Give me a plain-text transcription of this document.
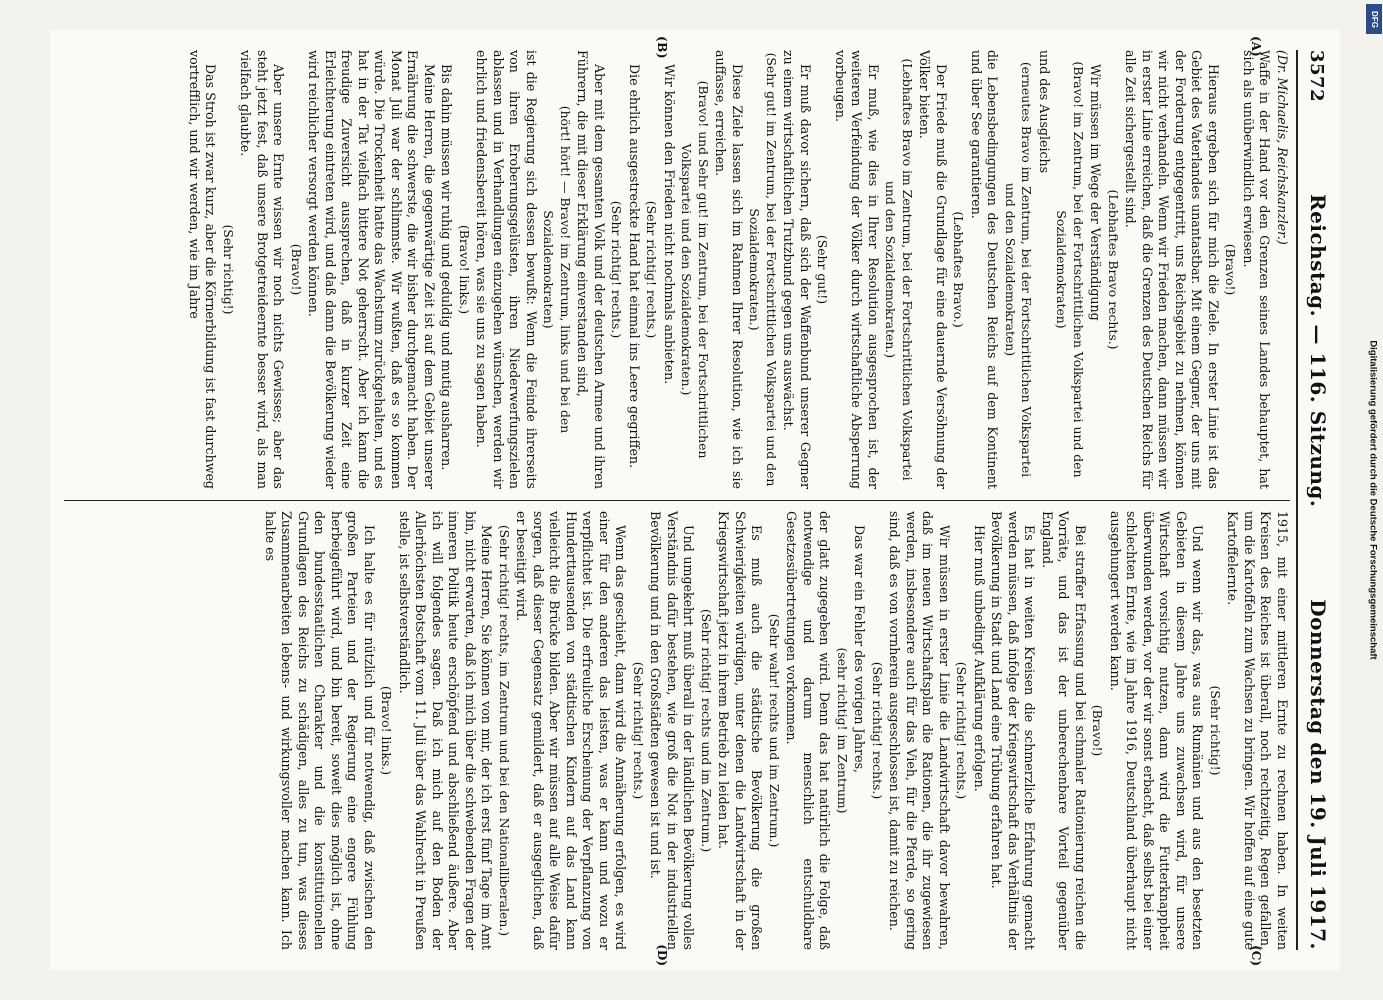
3572
Reichstag. — 116. Sitzung.
Donnerstag den 19. Juli 1917.
(A)
(B)

(Dr. Michaelis, Reichskanzler.)

Waffe in der Hand vor den Grenzen seines Landes behauptet, hat sich als unüberwindlich erwiesen.

(Bravo!)

Hieraus ergeben sich für mich die Ziele. In erster Linie ist das Gebiet des Vaterlandes unantastbar. Mit einem Gegner, der uns mit der Forderung entgegentritt, uns Reichsgebiet zu nehmen, können wir nicht verhandeln. Wenn wir Frieden machen, dann müssen wir in erster Linie erreichen, daß die Grenzen des Deutschen Reichs für alle Zeit sichergestellt sind.

(Lebhaftes Bravo rechts.)

Wir müssen im Wege der Verständigung

(Bravo! im Zentrum, bei der Fortschrittlichen Volkspartei und den Sozialdemokraten)

und des Ausgleichs

(erneutes Bravo im Zentrum, bei der Fortschrittlichen Volkspartei und den Sozialdemokraten)

die Lebensbedingungen des Deutschen Reichs auf dem Kontinent und über See garantieren.

(Lebhaftes Bravo.)

Der Friede muß die Grundlage für eine dauernde Versöhnung der Völker bieten.

(Lebhaftes Bravo im Zentrum, bei der Fortschrittlichen Volkspartei und den Sozialdemokraten.)

Er muß, wie dies in Ihrer Resolution ausgesprochen ist, der weiteren Verfeindung der Völker durch wirtschaftliche Absperrung vorbeugen.

(Sehr gut!)

Er muß davor sichern, daß sich der Waffenbund unserer Gegner zu einem wirtschaftlichen Trutzbund gegen uns auswächst.

(Sehr gut! im Zentrum, bei der Fortschrittlichen Volkspartei und den Sozialdemokraten.)

Diese Ziele lassen sich im Rahmen Ihrer Resolution, wie ich sie auffasse, erreichen.

(Bravo! und Sehr gut! im Zentrum, bei der Fortschrittlichen Volkspartei und den Sozialdemokraten.)

Wir können den Frieden nicht nochmals anbieten.

(Sehr richtig! rechts.)

Die ehrlich ausgestreckte Hand hat einmal ins Leere gegriffen.

(Sehr richtig! rechts.)

Aber mit dem gesamten Volk und der deutschen Armee und ihren Führern, die mit dieser Erklärung einverstanden sind,

(hört! hört! — Bravo! im Zentrum, links und bei den Sozialdemokraten)

ist die Regierung sich dessen bewußt: Wenn die Feinde ihrerseits von ihren Eroberungsgelüsten, ihren Niederwerfungszielen ablassen und in Verhandlungen einzugehen wünschen, werden wir ehrlich und friedensbereit hören, was sie uns zu sagen haben.

(Bravo! links.)

Bis dahin müssen wir ruhig und geduldig und mutig ausharren.

Meine Herren, die gegenwärtige Zeit ist auf dem Gebiet unserer Ernährung die schwerste, die wir bisher durchgemacht haben. Der Monat Juli war der schlimmste. Wir wußten, daß es so kommen würde. Die Trockenheit hatte das Wachstum zurückgehalten, und es hat in der Tat vielfach bittere Not geherrscht. Aber ich kann die freudige Zuversicht aussprechen, daß in kurzer Zeit eine Erleichterung eintreten wird, und daß dann die Bevölkerung wieder wird reichlicher versorgt werden können.

(Bravo!)

Aber unsere Ernte wissen wir noch nichts Gewisses; aber das steht jetzt fest, daß unsere Brotgetreideernte besser wird, als man vielfach glaubte.

(Sehr richtig!)

Das Stroh ist zwar kurz, aber die Körnerbildung ist fast durchweg vortrefflich, und wir werden, wie im Jahre

(C)
(D)

1915, mit einer mittleren Ernte zu rechnen haben. In weiten Kreisen des Reiches ist überall, noch rechtzeitig, Regen gefallen, um die Kartoffeln zum Wachsen zu bringen. Wir hoffen auf eine gute Kartoffelernte.

(Sehr richtig!)

Und wenn wir das, was aus Rumänien und aus den besetzten Gebieten in diesem Jahre uns zuwachsen wird, für unsere Wirtschaft vorsichtig nutzen, dann wird die Futterknappheit überwunden werden, vor der wir sonst erbacht, daß selbst bei einer schlechten Ernte, wie im Jahre 1916, Deutschland überhaupt nicht ausgehungert werden kann.

(Bravo!)

Bei straffer Erfassung und bei schmaler Rationierung reichen die Vorräte, und das ist der unberechenbare Vorteil gegenüber England.

Es hat in weiten Kreisen die schmerzliche Erfahrung gemacht werden müssen, daß infolge der Kriegswirtschaft das Verhältnis der Bevölkerung in Stadt und Land eine Trübung erfahren hat.

Hier muß unbedingt Aufklärung erfolgen.

(Sehr richtig! rechts.)

Wir müssen in erster Linie die Landwirtschaft davor bewahren, daß im neuen Wirtschaftsplan die Rationen, die ihr zugewiesen werden, insbesondere auch für das Vieh, für die Pferde, so gering sind, daß es von vornherein ausgeschlossen ist, damit zu reichen.

(Sehr richtig! rechts.)

Das war ein Fehler des vorigen Jahres,

(sehr richtig! im Zentrum)

der glatt zugegeben wird. Denn das hat natürlich die Folge, daß notwendige und darum menschlich entschuldbare Gesetzesübertretungen vorkommen.

(Sehr wahr! rechts und im Zentrum.)

Es muß auch die städtische Bevölkerung die großen Schwierigkeiten würdigen, unter denen die Landwirtschaft in der Kriegswirtschaft jetzt in ihrem Betrieb zu leiden hat.

(Sehr richtig! rechts und im Zentrum.)

Und umgekehrt muß überall in der ländlichen Bevölkerung volles Verständnis dafür bestehen, wie groß die Not in der industriellen Bevölkerung und in den Großstädten gewesen ist und ist.

(Sehr richtig! rechts.)

Wenn das geschieht, dann wird die Annäherung erfolgen, es wird einer für den anderen das leisten, was er kann und wozu er verpflichtet ist. Die erfreuliche Erscheinung der Verpflanzung von Hunderttausenden von städtischen Kindern auf das Land kann vielleicht die Brücke bilden. Aber wir müssen auf alle Weise dafür sorgen, daß dieser Gegensatz gemildert, daß er ausgeglichen, daß er beseitigt wird.

(Sehr richtig! rechts, im Zentrum und bei den Nationalliberalen.)

Meine Herren, Sie können von mir, der ich erst fünf Tage im Amt bin, nicht erwarten, daß ich mich über die schwebenden Fragen der inneren Politik heute erschöpfend und abschließend äußere. Aber ich will folgendes sagen. Daß ich mich auf den Boden der Allerhöchsten Botschaft vom 11. Juli über das Wahlrecht in Preußen stelle, ist selbstverständlich.

(Bravo! links.)

Ich halte es für nützlich und für notwendig, daß zwischen den großen Parteien und der Regierung eine engere Fühlung herbeigeführt wird, und bin bereit, soweit dies möglich ist, ohne den bundesstaatlichen Charakter und die konstitutionellen Grundlagen des Reichs zu schädigen, alles zu tun, was dieses Zusammenarbeiten lebens- und wirkungsvoller machen kann. Ich halte es	Digitalisierung gefördert durch die Deutsche Forschungsgemeinschaft
DFG
